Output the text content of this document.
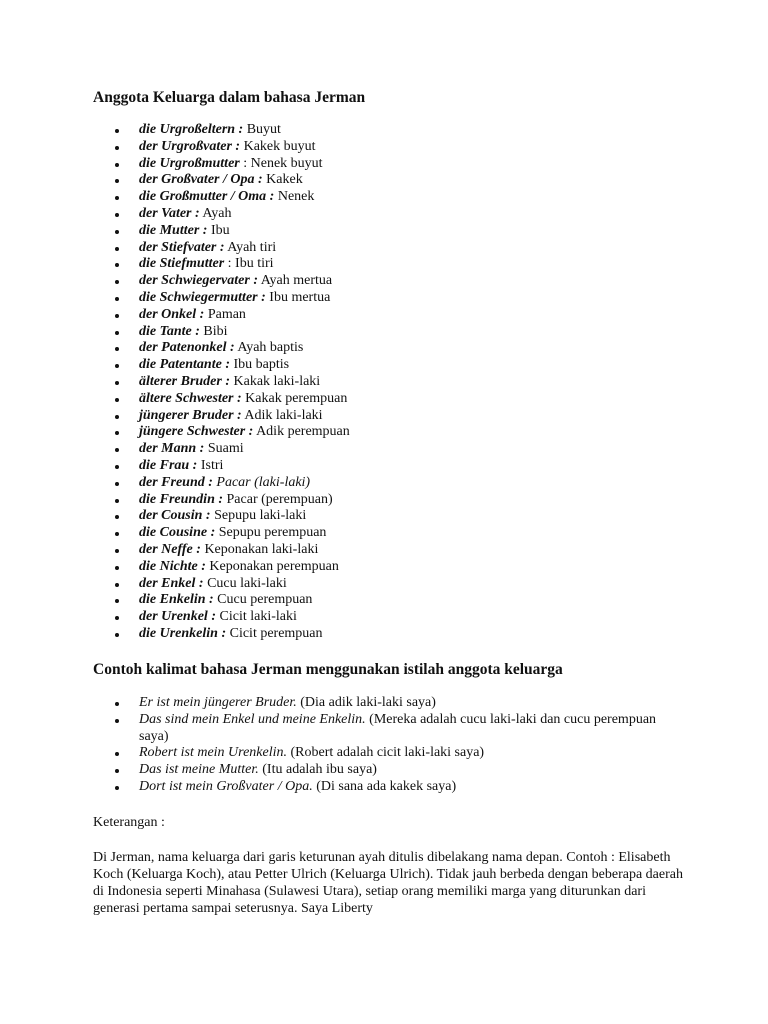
Anggota Keluarga dalam bahasa Jerman
die Urgroßeltern : Buyut
der Urgroßvater : Kakek buyut
die Urgroßmutter : Nenek buyut
der Großvater / Opa : Kakek
die Großmutter / Oma : Nenek
der Vater : Ayah
die Mutter : Ibu
der Stiefvater : Ayah tiri
die Stiefmutter : Ibu tiri
der Schwiegervater : Ayah mertua
die Schwiegermutter : Ibu mertua
der Onkel : Paman
die Tante : Bibi
der Patenonkel : Ayah baptis
die Patentante : Ibu baptis
älterer Bruder : Kakak laki-laki
ältere Schwester : Kakak perempuan
jüngerer Bruder : Adik laki-laki
jüngere Schwester : Adik perempuan
der Mann : Suami
die Frau : Istri
der Freund : Pacar (laki-laki)
die Freundin : Pacar (perempuan)
der Cousin : Sepupu laki-laki
die Cousine : Sepupu perempuan
der Neffe : Keponakan laki-laki
die Nichte : Keponakan perempuan
der Enkel : Cucu laki-laki
die Enkelin : Cucu perempuan
der Urenkel : Cicit laki-laki
die Urenkelin : Cicit perempuan
Contoh kalimat bahasa Jerman menggunakan istilah anggota keluarga
Er ist mein jüngerer Bruder. (Dia adik laki-laki saya)
Das sind mein Enkel und meine Enkelin. (Mereka adalah cucu laki-laki dan cucu perempuan saya)
Robert ist mein Urenkelin. (Robert adalah cicit laki-laki saya)
Das ist meine Mutter. (Itu adalah ibu saya)
Dort ist mein Großvater / Opa. (Di sana ada kakek saya)

Keterangan :

Di Jerman, nama keluarga dari garis keturunan ayah ditulis dibelakang nama depan. Contoh : Elisabeth Koch (Keluarga Koch), atau Petter Ulrich (Keluarga Ulrich). Tidak jauh berbeda dengan beberapa daerah di Indonesia seperti Minahasa (Sulawesi Utara), setiap orang memiliki marga yang diturunkan dari generasi pertama sampai seterusnya. Saya Liberty
